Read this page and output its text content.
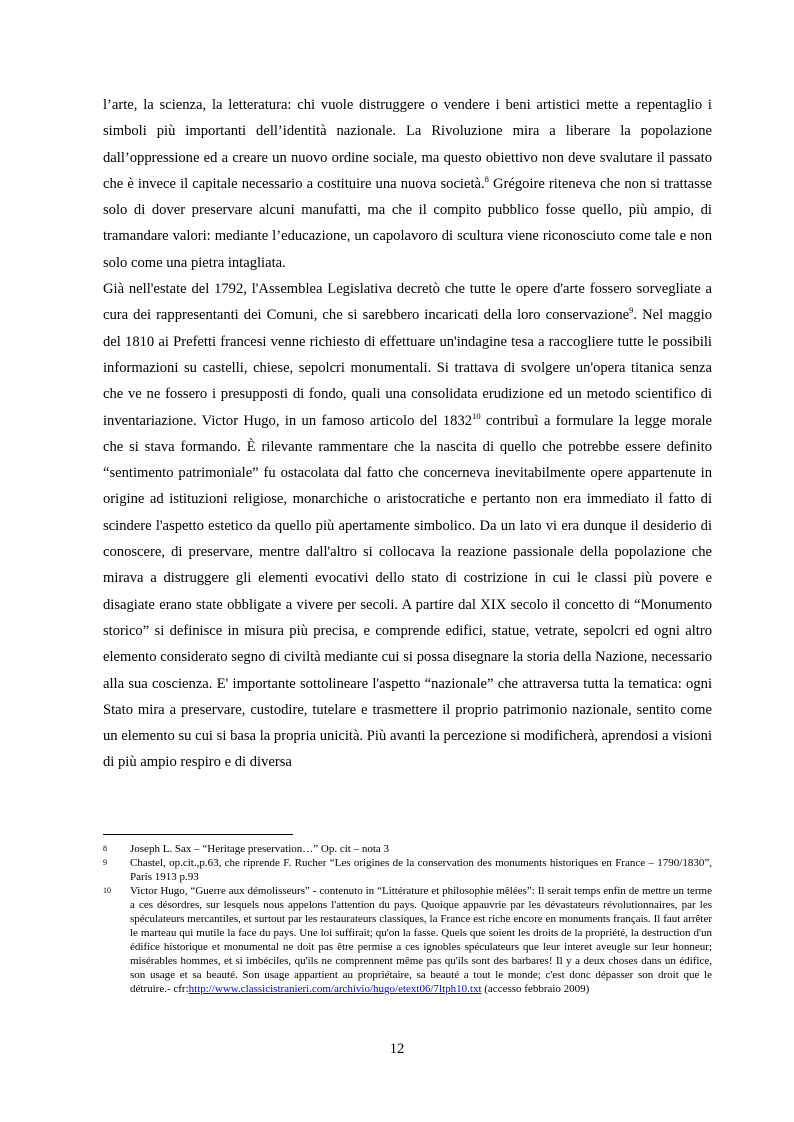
l’arte, la scienza, la letteratura: chi vuole distruggere o vendere i beni artistici mette a repentaglio i simboli più importanti dell’identità nazionale. La Rivoluzione mira a liberare la popolazione dall’oppressione ed a creare un nuovo ordine sociale, ma questo obiettivo non deve svalutare il passato che è invece il capitale necessario a costituire una nuova società.$^8$ Grégoire riteneva che non si trattasse solo di dover preservare alcuni manufatti, ma che il compito pubblico fosse quello, più ampio, di tramandare valori: mediante l’educazione, un capolavoro di scultura viene riconosciuto come tale e non solo come una pietra intagliata.

Già nell'estate del 1792, l'Assemblea Legislativa decretò che tutte le opere d'arte fossero sorvegliate a cura dei rappresentanti dei Comuni, che si sarebbero incaricati della loro conservazione$^9$. Nel maggio del 1810 ai Prefetti francesi venne richiesto di effettuare un'indagine tesa a raccogliere tutte le possibili informazioni su castelli, chiese, sepolcri monumentali. Si trattava di svolgere un'opera titanica senza che ve ne fossero i presupposti di fondo, quali una consolidata erudizione ed un metodo scientifico di inventariazione. Victor Hugo, in un famoso articolo del 1832$^{10}$ contribuì a formulare la legge morale che si stava formando. È rilevante rammentare che la nascita di quello che potrebbe essere definito “sentimento patrimoniale” fu ostacolata dal fatto che concerneva inevitabilmente opere appartenute in origine ad istituzioni religiose, monarchiche o aristocratiche e pertanto non era immediato il fatto di scindere l'aspetto estetico da quello più apertamente simbolico. Da un lato vi era dunque il desiderio di conoscere, di preservare, mentre dall'altro si collocava la reazione passionale della popolazione che mirava a distruggere gli elementi evocativi dello stato di costrizione in cui le classi più povere e disagiate erano state obbligate a vivere per secoli. A partire dal XIX secolo il concetto di “Monumento storico” si definisce in misura più precisa, e comprende edifici, statue, vetrate, sepolcri ed ogni altro elemento considerato segno di civiltà mediante cui si possa disegnare la storia della Nazione, necessario alla sua coscienza. E' importante sottolineare l'aspetto “nazionale” che attraversa tutta la tematica: ogni Stato mira a preservare, custodire, tutelare e trasmettere il proprio patrimonio nazionale, sentito come un elemento su cui si basa la propria unicità. Più avanti la percezione si modificherà, aprendosi a visioni di più ampio respiro e di diversa

8	Joseph L. Sax – “Heritage preservation…” Op. cit – nota 3
9	Chastel, op.cit.,p.63, che riprende F. Rucher “Les origines de la conservation des monuments historiques en France – 1790/1830”, Paris 1913 p.93
10	Victor Hugo, “Guerre aux démolisseurs” - contenuto in “Littérature et philosophie mêlées”: Il serait temps enfin de mettre un terme a ces désordres, sur lesquels nous appelons l'attention du pays. Quoique appauvrie par les dévastateurs révolutionnaires, par les spéculateurs mercantiles, et surtout par les restaurateurs classiques, la France est riche encore en monuments français. Il faut arrêter le marteau qui mutile la face du pays. Une loi suffirait; qu'on la fasse. Quels que soient les droits de la propriété, la destruction d'un édifice historique et monumental ne doit pas être permise a ces ignobles spéculateurs que leur interet aveugle sur leur honneur; misérables hommes, et si imbéciles, qu'ils ne comprennent même pas qu'ils sont des barbares! Il y a deux choses dans un édifice, son usage et sa beauté. Son usage appartient au propriétaire, sa beauté a tout le monde; c'est donc dépasser son droit que le détruire.- cfr:http://www.classicistranieri.com/archivio/hugo/etext06/7ltph10.txt (accesso febbraio 2009)
12
